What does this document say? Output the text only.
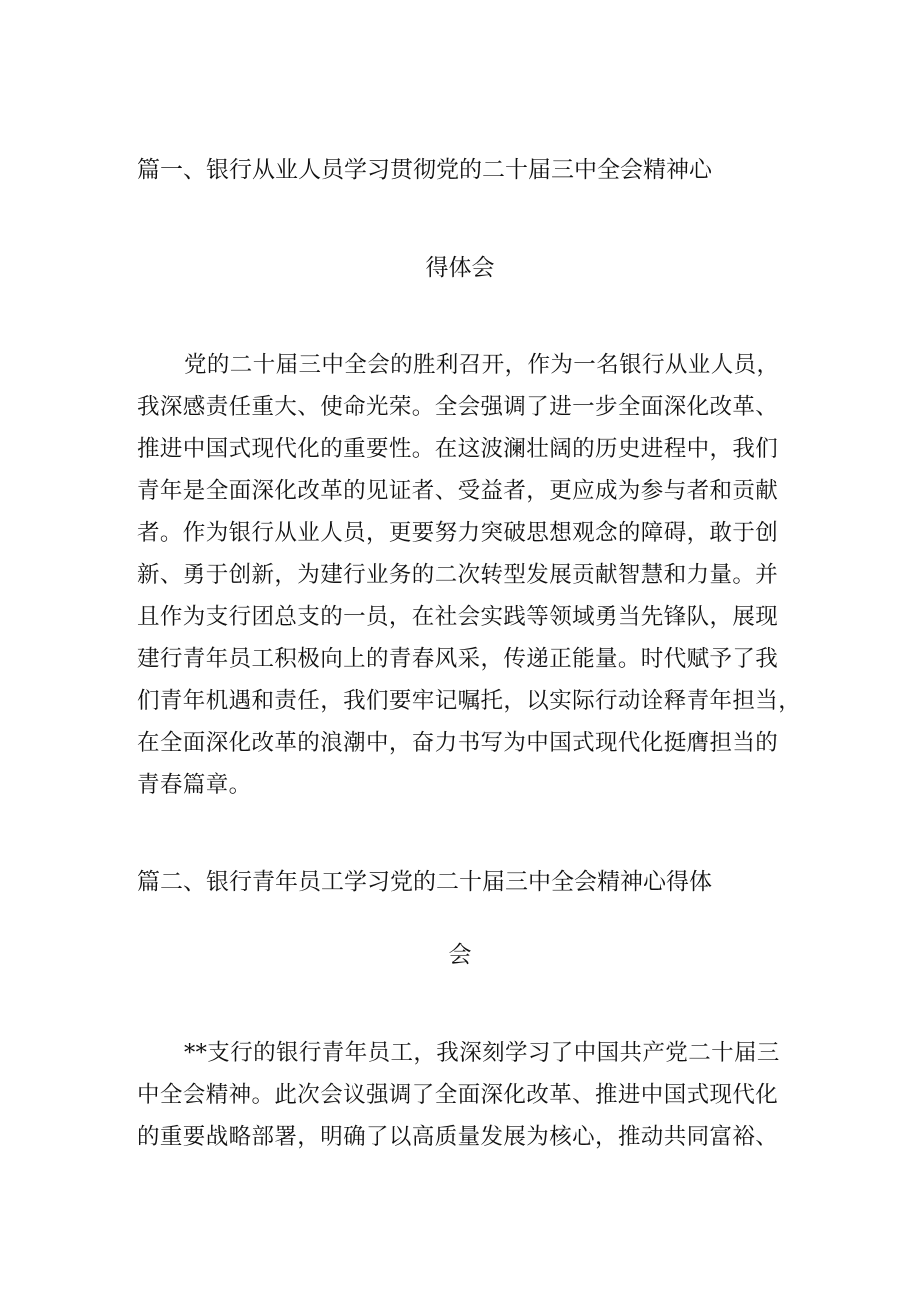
篇一、银行从业人员学习贯彻党的二十届三中全会精神心
得体会

党的二十届三中全会的胜利召开，作为一名银行从业人员，

我深感责任重大、使命光荣。全会强调了进一步全面深化改革、

推进中国式现代化的重要性。在这波澜壮阔的历史进程中，我们

青年是全面深化改革的见证者、受益者，更应成为参与者和贡献

者。作为银行从业人员，更要努力突破思想观念的障碍，敢于创

新、勇于创新，为建行业务的二次转型发展贡献智慧和力量。并

且作为支行团总支的一员，在社会实践等领域勇当先锋队，展现

建行青年员工积极向上的青春风采，传递正能量。时代赋予了我

们青年机遇和责任，我们要牢记嘱托，以实际行动诠释青年担当，

在全面深化改革的浪潮中，奋力书写为中国式现代化挺膺担当的

青春篇章。

篇二、银行青年员工学习党的二十届三中全会精神心得体
会

**支行的银行青年员工，我深刻学习了中国共产党二十届三

中全会精神。此次会议强调了全面深化改革、推进中国式现代化

的重要战略部署，明确了以高质量发展为核心，推动共同富裕、
